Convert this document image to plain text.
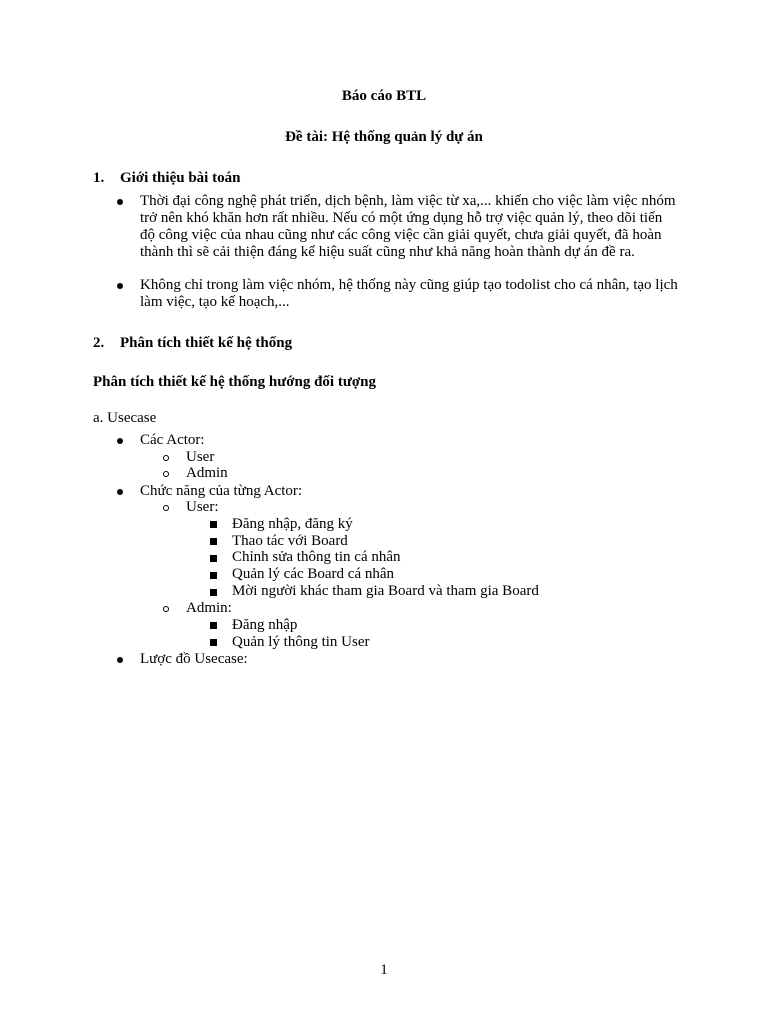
Báo cáo BTL
Đề tài: Hệ thống quản lý dự án
1. Giới thiệu bài toán
Thời đại công nghệ phát triển, dịch bệnh, làm việc từ xa,... khiến cho việc làm việc nhóm trở nên khó khăn hơn rất nhiều. Nếu có một ứng dụng hỗ trợ việc quản lý, theo dõi tiến độ công việc của nhau cũng như các công việc cần giải quyết, chưa giải quyết, đã hoàn thành thì sẽ cải thiện đáng kể hiệu suất cũng như khả năng hoàn thành dự án đề ra.
Không chỉ trong làm việc nhóm, hệ thống này cũng giúp tạo todolist cho cá nhân, tạo lịch làm việc, tạo kế hoạch,...
2. Phân tích thiết kế hệ thống
Phân tích thiết kế hệ thống hướng đối tượng
a. Usecase
Các Actor:
User
Admin
Chức năng của từng Actor:
User:
Đăng nhập, đăng ký
Thao tác với Board
Chỉnh sửa thông tin cá nhân
Quản lý các Board cá nhân
Mời người khác tham gia Board và tham gia Board
Admin:
Đăng nhập
Quản lý thông tin User
Lược đồ Usecase:
1
